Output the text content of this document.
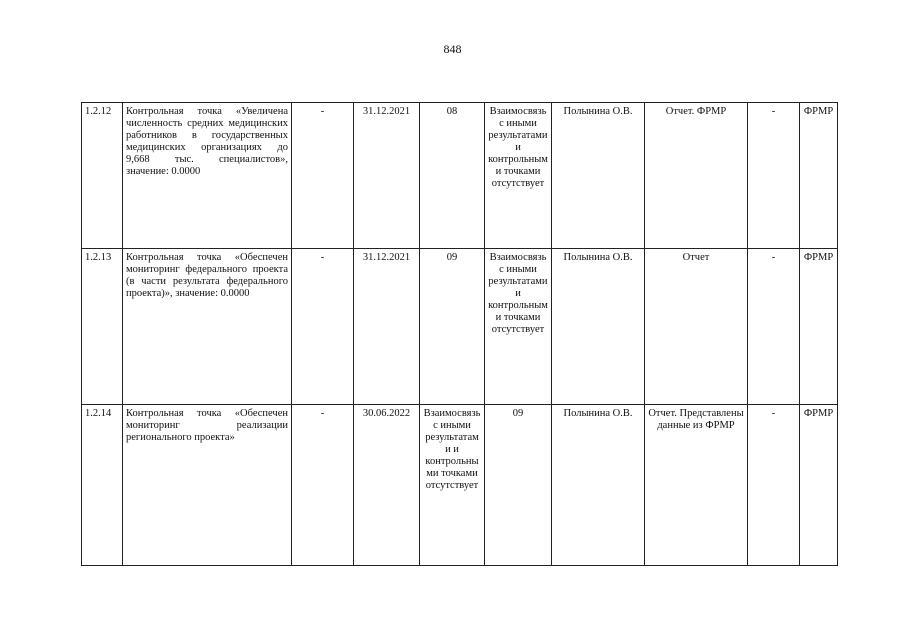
848
1.2.12	Контрольная точка «Увеличена численность средних медицинских работников в государственных медицинских организациях до 9,668 тыс. специалистов», значение: 0.0000	-	31.12.2021	08	Взаимосвязь с иными результатами и контрольными точками отсутствует	Полынина О.В.	Отчет. ФРМР	-	ФРМР
1.2.13	Контрольная точка «Обеспечен мониторинг федерального проекта (в части результата федерального проекта)», значение: 0.0000	-	31.12.2021	09	Взаимосвязь с иными результатами и контрольными точками отсутствует	Полынина О.В.	Отчет	-	ФРМР
1.2.14	Контрольная точка «Обеспечен мониторинг реализации регионального проекта»	-	30.06.2022	Взаимосвязь с иными результатами и контрольными точками отсутствует	09	Полынина О.В.	Отчет. Представлены данные из ФРМР	-	ФРМР
